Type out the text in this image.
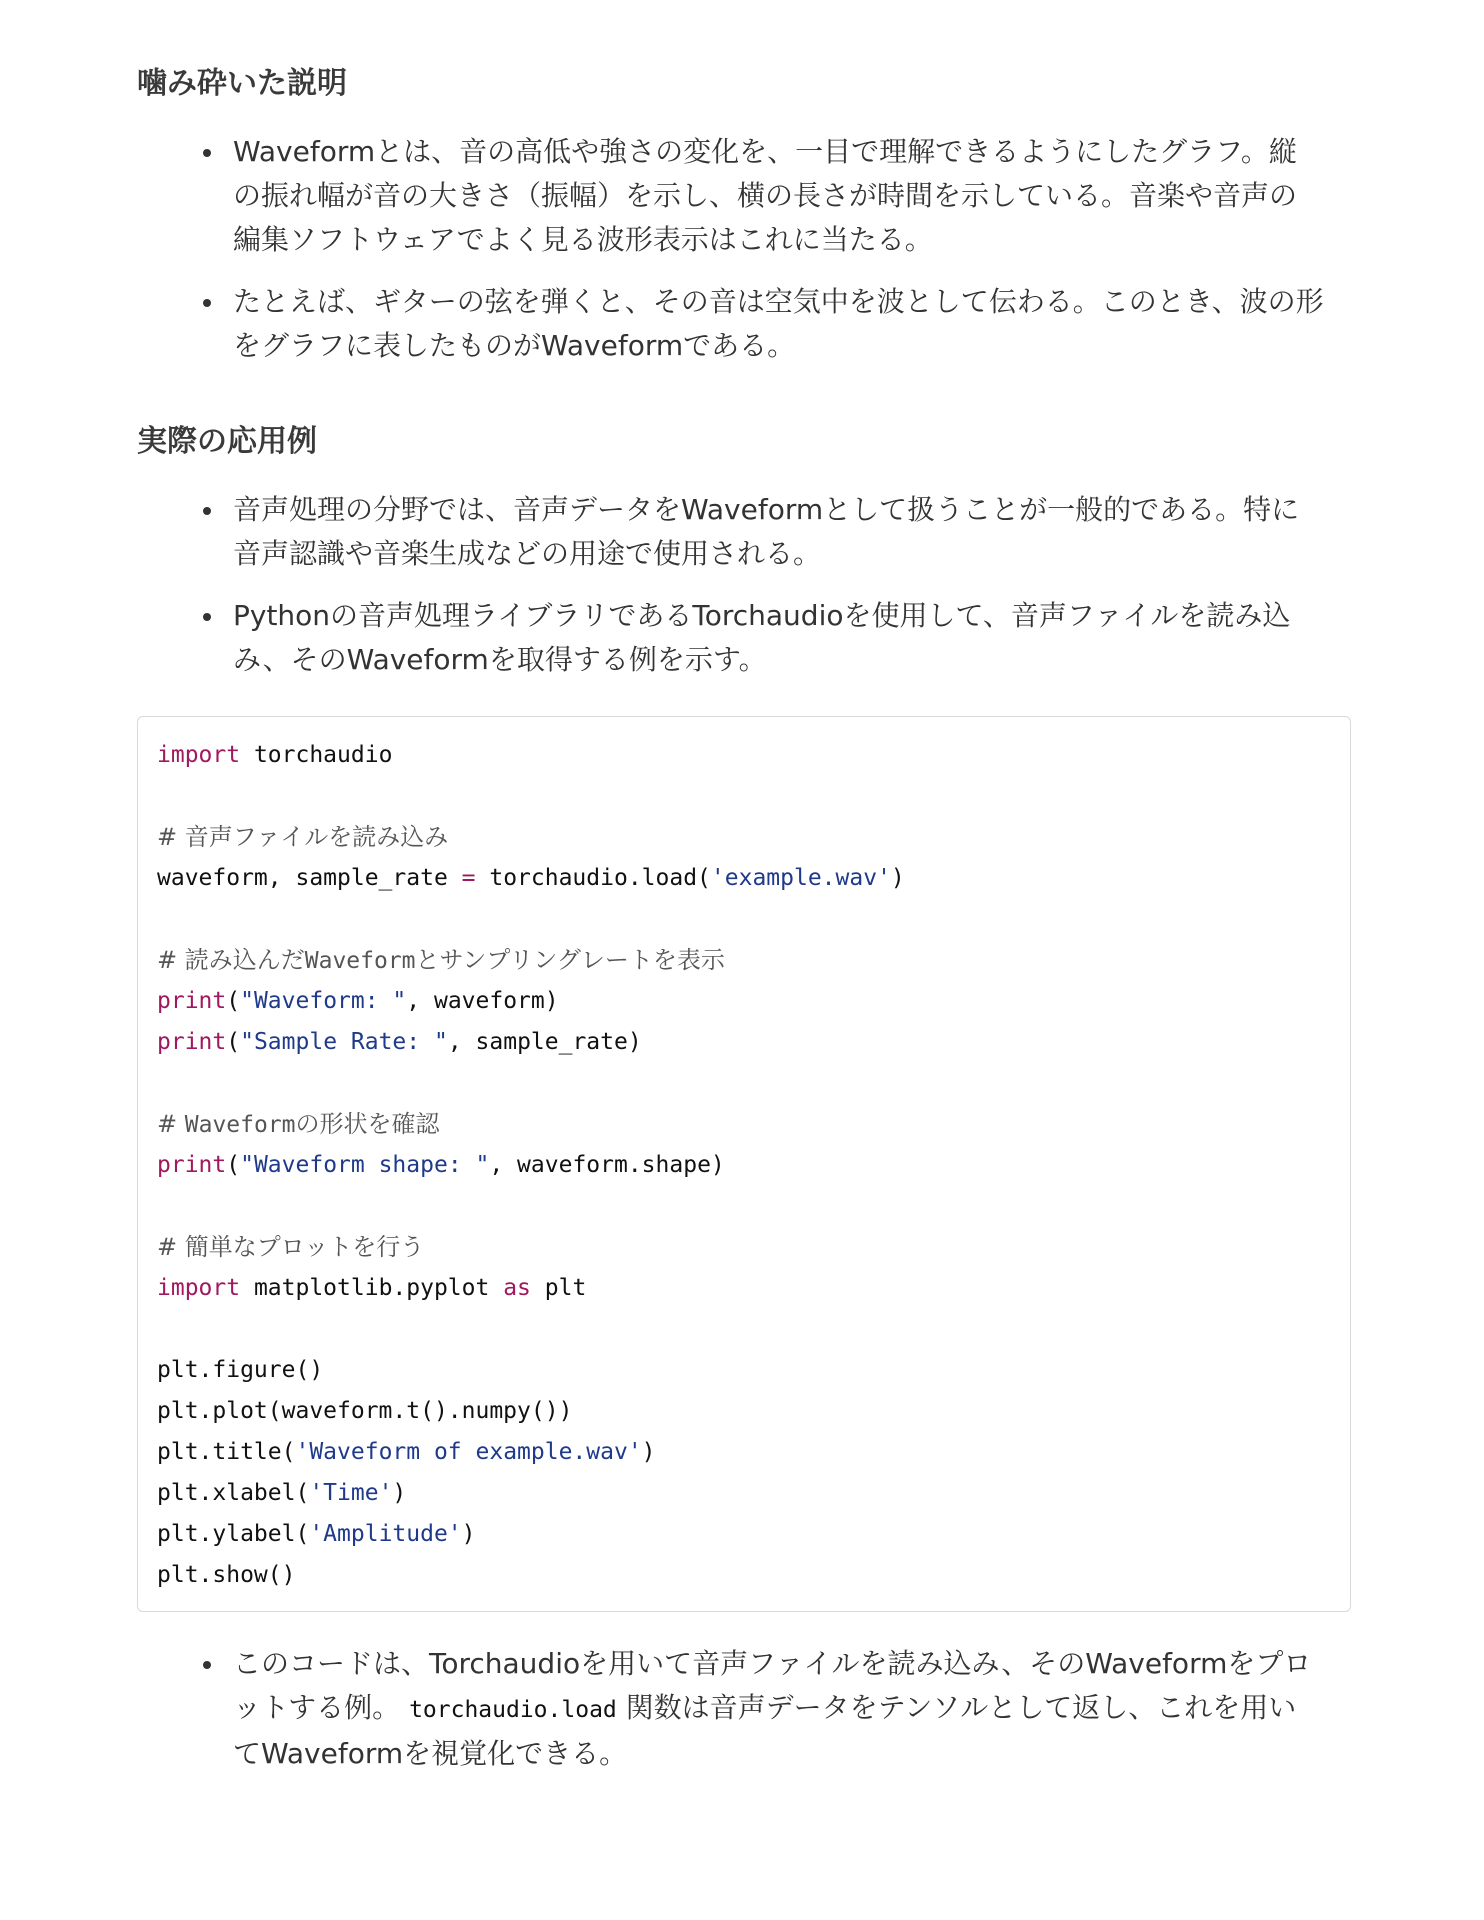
噛み砕いた説明
Waveformとは、音の高低や強さの変化を、一目で理解できるようにしたグラフ。縦の振れ幅が音の大きさ（振幅）を示し、横の長さが時間を示している。音楽や音声の編集ソフトウェアでよく見る波形表示はこれに当たる。
たとえば、ギターの弦を弾くと、その音は空気中を波として伝わる。このとき、波の形をグラフに表したものがWaveformである。
実際の応用例
音声処理の分野では、音声データをWaveformとして扱うことが一般的である。特に音声認識や音楽生成などの用途で使用される。
Pythonの音声処理ライブラリであるTorchaudioを使用して、音声ファイルを読み込み、そのWaveformを取得する例を示す。
import torchaudio
# 音声ファイルを読み込み
waveform, sample_rate = torchaudio.load('example.wav')
# 読み込んだWaveformとサンプリングレートを表示
print("Waveform: ", waveform)
print("Sample Rate: ", sample_rate)
# Waveformの形状を確認
print("Waveform shape: ", waveform.shape)
# 簡単なプロットを行う
import matplotlib.pyplot as plt
plt.figure()
plt.plot(waveform.t().numpy())
plt.title('Waveform of example.wav')
plt.xlabel('Time')
plt.ylabel('Amplitude')
plt.show()
このコードは、Torchaudioを用いて音声ファイルを読み込み、そのWaveformをプロットする例。 torchaudio.load 関数は音声データをテンソルとして返し、これを用いてWaveformを視覚化できる。
